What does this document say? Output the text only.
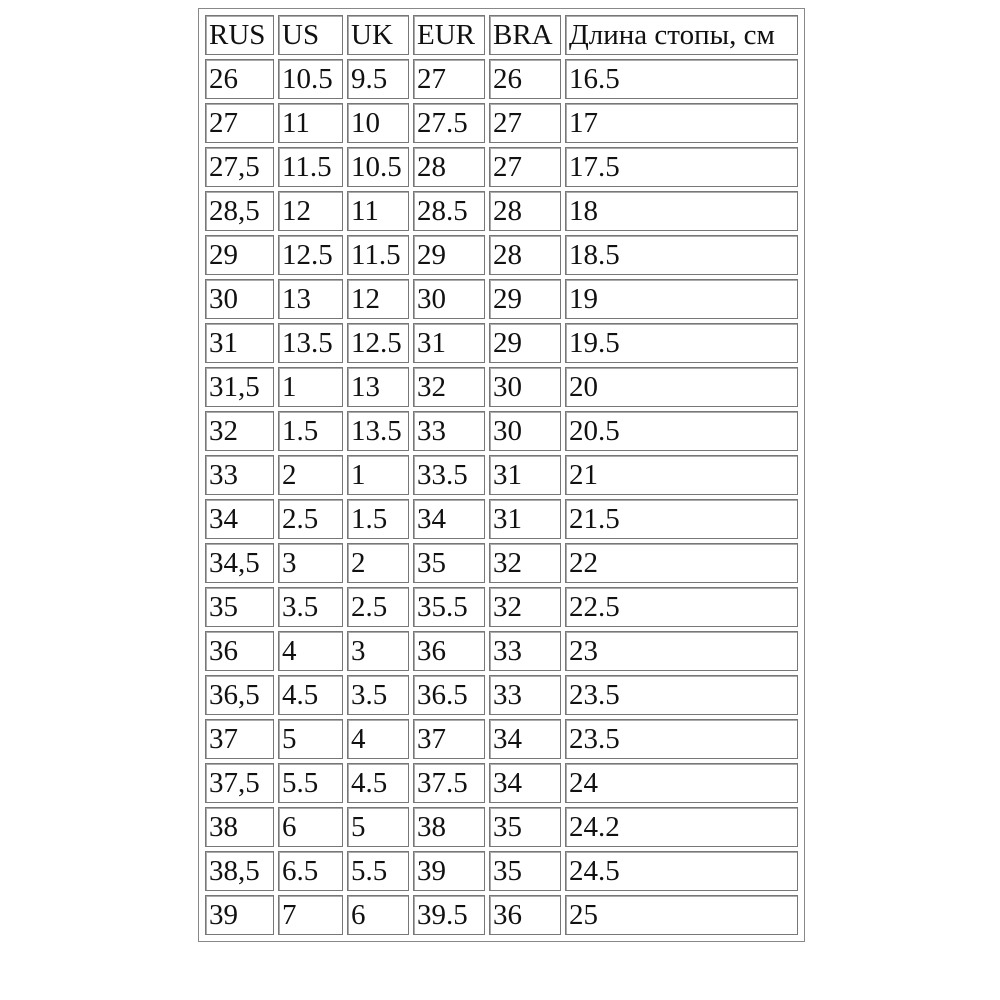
RUS	US	UK	EUR	BRA	Длина стопы, см
26	10.5	9.5	27	26	16.5
27	11	10	27.5	27	17
27,5	11.5	10.5	28	27	17.5
28,5	12	11	28.5	28	18
29	12.5	11.5	29	28	18.5
30	13	12	30	29	19
31	13.5	12.5	31	29	19.5
31,5	1	13	32	30	20
32	1.5	13.5	33	30	20.5
33	2	1	33.5	31	21
34	2.5	1.5	34	31	21.5
34,5	3	2	35	32	22
35	3.5	2.5	35.5	32	22.5
36	4	3	36	33	23
36,5	4.5	3.5	36.5	33	23.5
37	5	4	37	34	23.5
37,5	5.5	4.5	37.5	34	24
38	6	5	38	35	24.2
38,5	6.5	5.5	39	35	24.5
39	7	6	39.5	36	25
